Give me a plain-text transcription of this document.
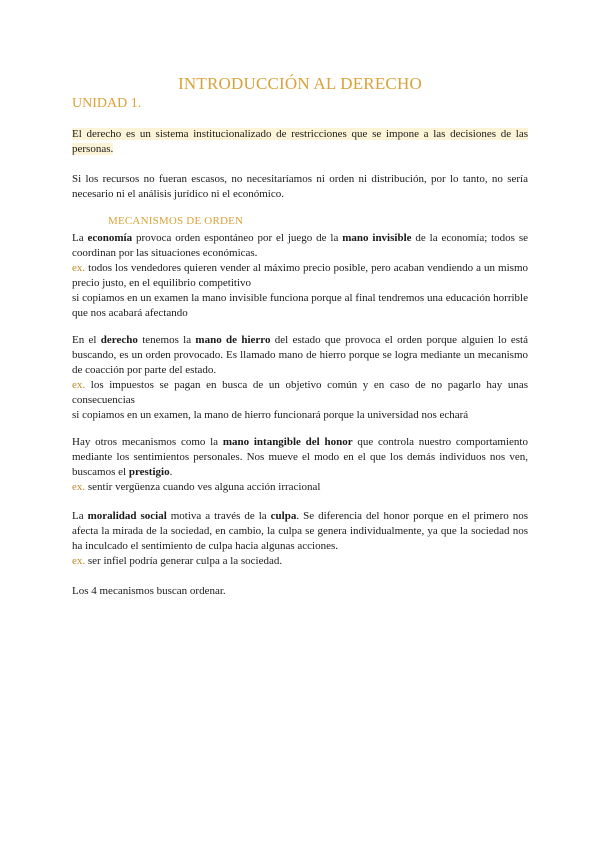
INTRODUCCIÓN AL DERECHO
UNIDAD 1.
El derecho es un sistema institucionalizado de restricciones que se impone a las decisiones de las personas.
Si los recursos no fueran escasos, no necesitaríamos ni orden ni distribución, por lo tanto, no sería necesario ni el análisis jurídico ni el económico.
MECANISMOS DE ORDEN

La economía provoca orden espontáneo por el juego de la mano invisible de la economía; todos se coordinan por las situaciones económicas.

ex. todos los vendedores quieren vender al máximo precio posible, pero acaban vendiendo a un mismo precio justo, en el equilibrio competitivo

si copiamos en un examen la mano invisible funciona porque al final tendremos una educación horrible que nos acabará afectando

En el derecho tenemos la mano de hierro del estado que provoca el orden porque alguien lo está buscando, es un orden provocado. Es llamado mano de hierro porque se logra mediante un mecanismo de coacción por parte del estado.

ex. los impuestos se pagan en busca de un objetivo común y en caso de no pagarlo hay unas consecuencias

si copiamos en un examen, la mano de hierro funcionará porque la universidad nos echará

Hay otros mecanismos como la mano intangible del honor que controla nuestro comportamiento mediante los sentimientos personales. Nos mueve el modo en el que los demás individuos nos ven, buscamos el prestigio.

ex. sentir vergüenza cuando ves alguna acción irracional

La moralidad social motiva a través de la culpa. Se diferencia del honor porque en el primero nos afecta la mirada de la sociedad, en cambio, la culpa se genera individualmente, ya que la sociedad nos ha inculcado el sentimiento de culpa hacia algunas acciones.

ex. ser infiel podría generar culpa a la sociedad.

Los 4 mecanismos buscan ordenar.
